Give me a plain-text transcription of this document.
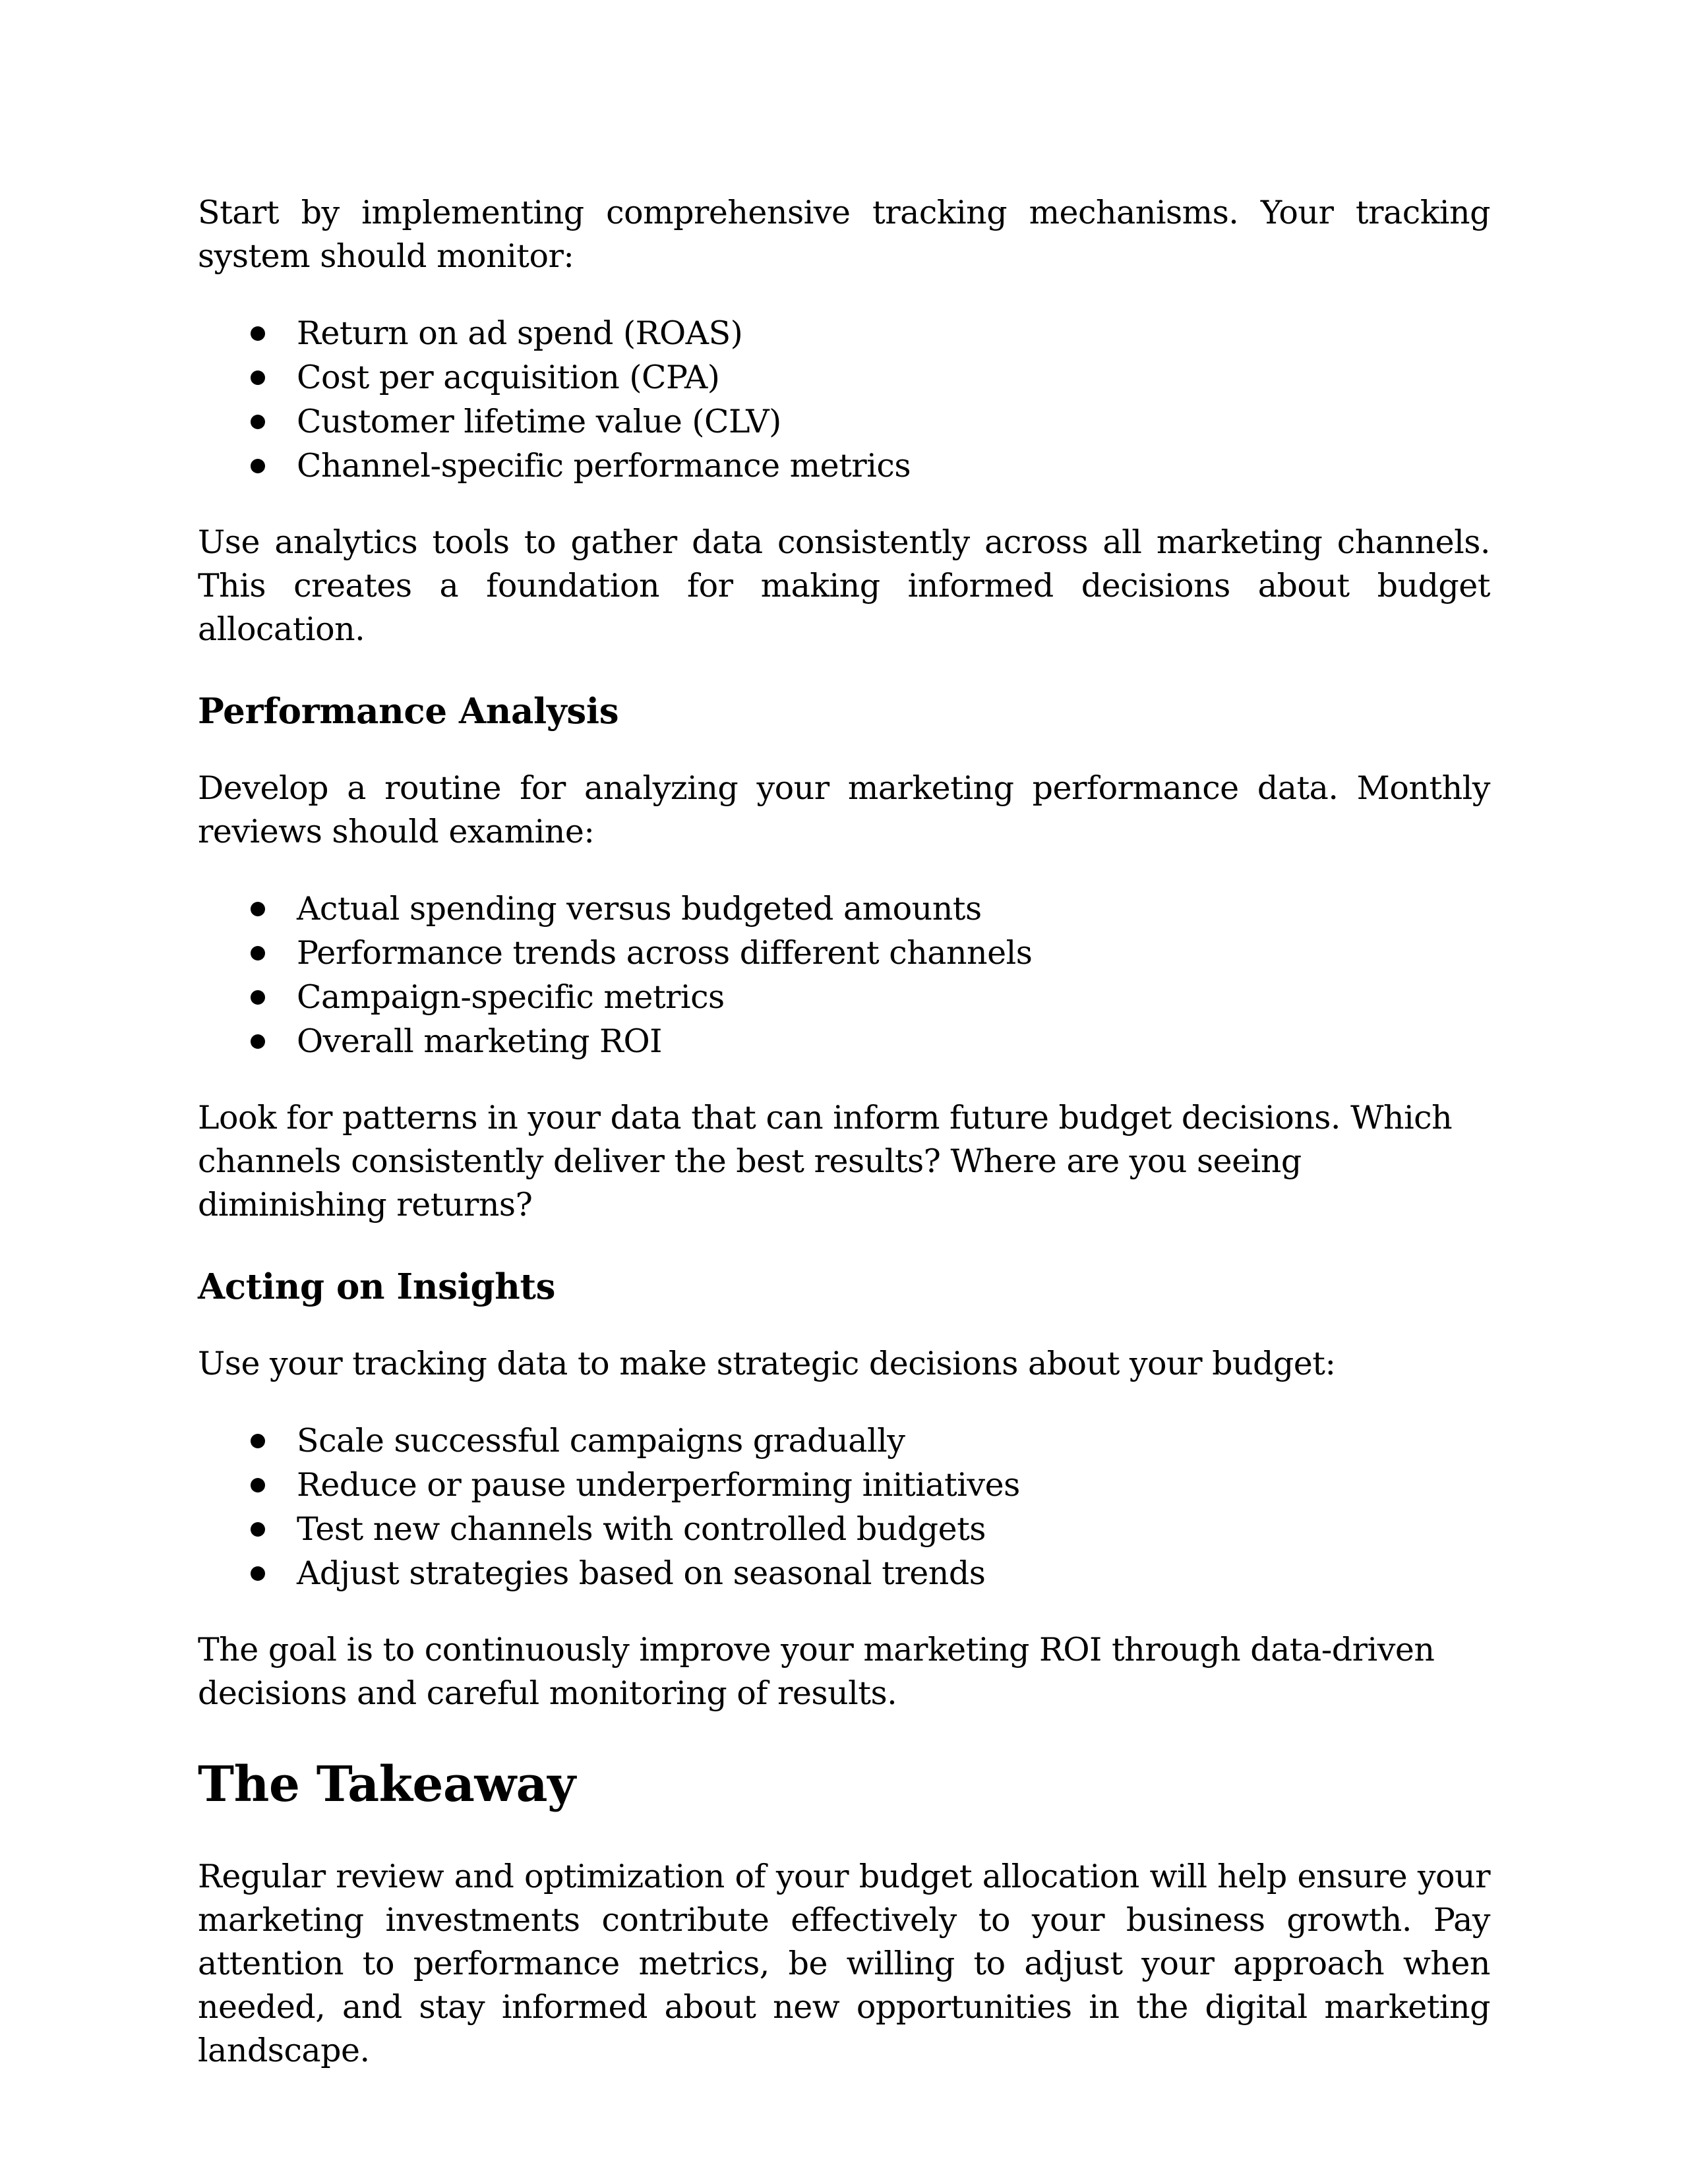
Start by implementing comprehensive tracking mechanisms. Your tracking system should monitor:

Return on ad spend (ROAS)
Cost per acquisition (CPA)
Customer lifetime value (CLV)
Channel-specific performance metrics

Use analytics tools to gather data consistently across all marketing channels. This creates a foundation for making informed decisions about budget allocation.

Performance Analysis

Develop a routine for analyzing your marketing performance data. Monthly reviews should examine:

Actual spending versus budgeted amounts
Performance trends across different channels
Campaign-specific metrics
Overall marketing ROI

Look for patterns in your data that can inform future budget decisions. Which channels consistently deliver the best results? Where are you seeing diminishing returns?

Acting on Insights

Use your tracking data to make strategic decisions about your budget:

Scale successful campaigns gradually
Reduce or pause underperforming initiatives
Test new channels with controlled budgets
Adjust strategies based on seasonal trends

The goal is to continuously improve your marketing ROI through data-driven decisions and careful monitoring of results.

The Takeaway

Regular review and optimization of your budget allocation will help ensure your marketing investments contribute effectively to your business growth. Pay attention to performance metrics, be willing to adjust your approach when needed, and stay informed about new opportunities in the digital marketing landscape.
